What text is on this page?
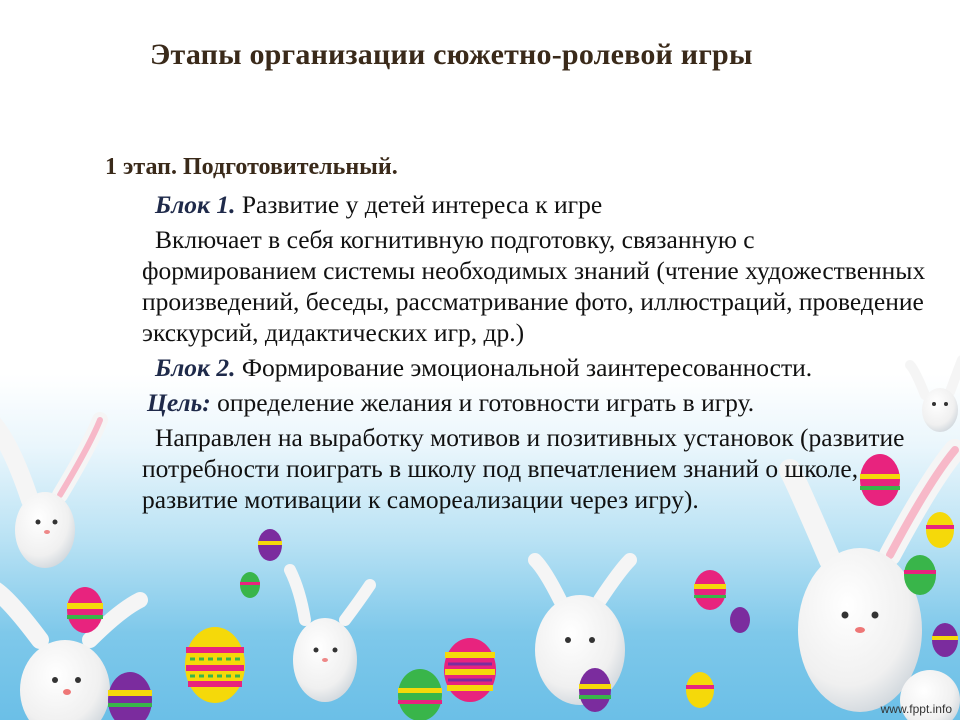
Этапы организации сюжетно-ролевой игры
1 этап. Подготовительный.
Блок 1. Развитие у детей интереса к игре
Включает в себя когнитивную подготовку, связанную с формированием системы необходимых знаний (чтение художественных произведений, беседы, рассматривание фото, иллюстраций, проведение экскурсий, дидактических игр, др.)
Блок 2. Формирование эмоциональной заинтересованности.
Цель: определение желания и готовности играть в игру.
Направлен на выработку мотивов и позитивных установок (развитие потребности поиграть в школу под впечатлением знаний о школе, развитие мотивации к самореализации через игру).
www.fppt.info
